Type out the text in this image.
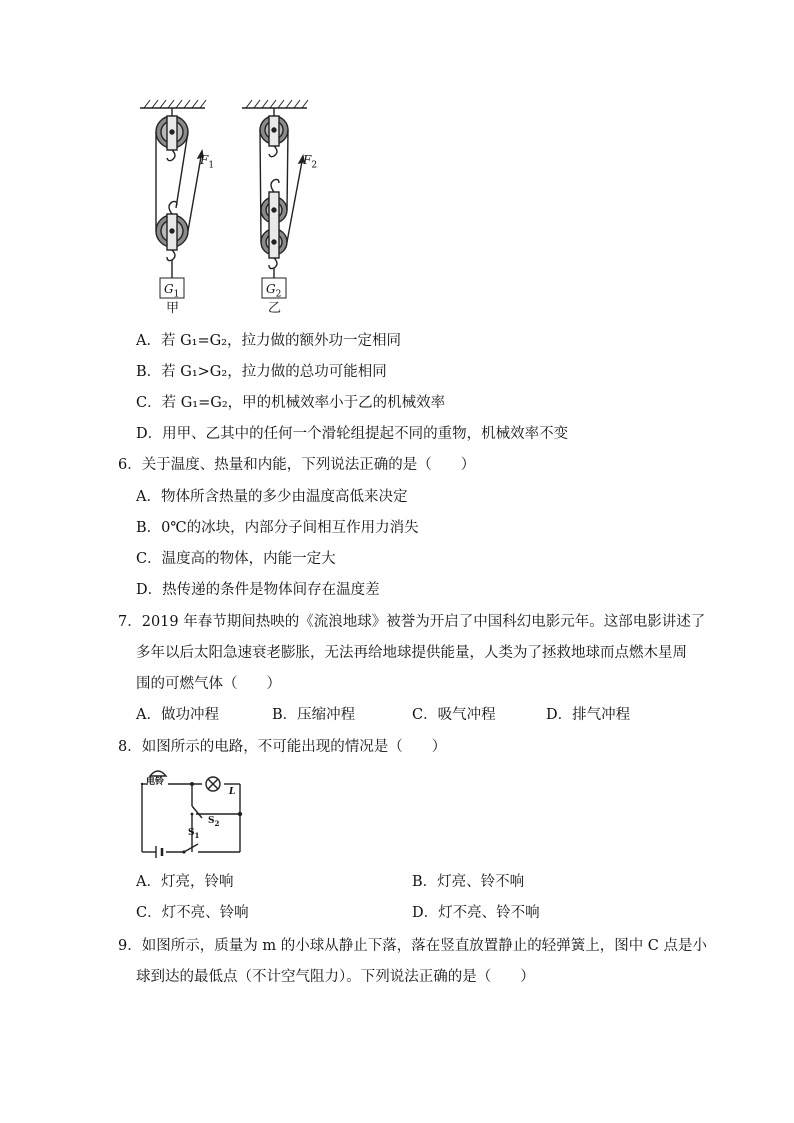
$F_1$	$F_2$
$G_1$	$G_2$
甲	乙
A．若 G₁=G₂，拉力做的额外功一定相同
B．若 G₁>G₂，拉力做的总功可能相同
C．若 G₁=G₂，甲的机械效率小于乙的机械效率
D．用甲、乙其中的任何一个滑轮组提起不同的重物，机械效率不变
6．关于温度、热量和内能，下列说法正确的是（　　）
A．物体所含热量的多少由温度高低来决定
B．0℃的冰块，内部分子间相互作用力消失
C．温度高的物体，内能一定大
D．热传递的条件是物体间存在温度差
7．2019 年春节期间热映的《流浪地球》被誉为开启了中国科幻电影元年。这部电影讲述了
多年以后太阳急速衰老膨胀，无法再给地球提供能量，人类为了拯救地球而点燃木星周
围的可燃气体（　　）
A．做功冲程	B．压缩冲程	C．吸气冲程	D．排气冲程
8．如图所示的电路，不可能出现的情况是（　　）
电铃
L
$S_2$
$S_1$
A．灯亮，铃响	B．灯亮、铃不响
C．灯不亮、铃响	D．灯不亮、铃不响
9．如图所示，质量为 m 的小球从静止下落，落在竖直放置静止的轻弹簧上，图中 C 点是小
球到达的最低点（不计空气阻力）。下列说法正确的是（　　）
